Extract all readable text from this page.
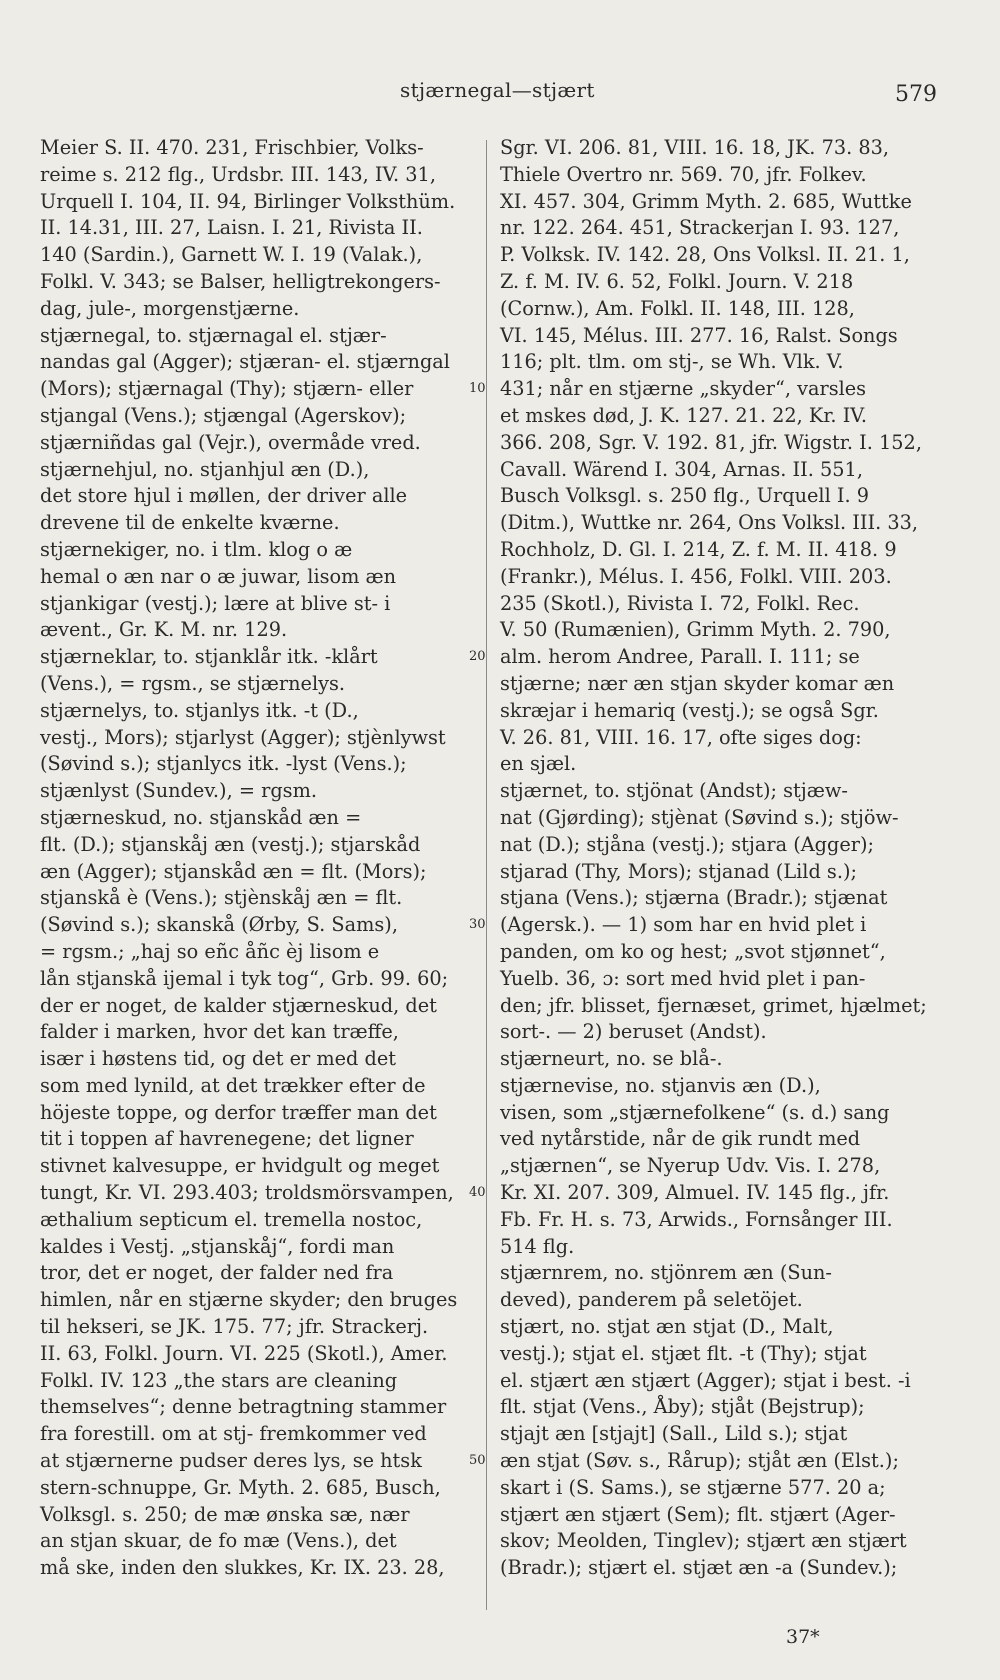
stjærnegal—stjært	579
Meier S. II. 470. 231, Frischbier, Volks-
reime s. 212 flg., Urdsbr. III. 143, IV. 31,
Urquell I. 104, II. 94, Birlinger Volksthüm.
II. 14.31, III. 27, Laisn. I. 21, Rivista II.
140 (Sardin.), Garnett W. I. 19 (Valak.),
Folkl. V. 343; se Balser, helligtrekongers-
dag, jule-, morgenstjærne.
stjærnegal, to. stjærnagal el. stjær-
nandas gal (Agger); stjæran- el. stjærngal
(Mors); stjærnagal (Thy); stjærn- eller
stjangal (Vens.); stjængal (Agerskov);
stjærniñdas gal (Vejr.), overmåde vred.
stjærnehjul, no. stjanhjul æn (D.),
det store hjul i møllen, der driver alle
drevene til de enkelte kværne.
stjærnekiger, no. i tlm. klog o æ
hemal o æn nar o æ juwar, lisom æn
stjankigar (vestj.); lære at blive st- i
ævent., Gr. K. M. nr. 129.
stjærneklar, to. stjanklår itk. -klårt
(Vens.), = rgsm., se stjærnelys.
stjærnelys, to. stjanlys itk. -t (D.,
vestj., Mors); stjarlyst (Agger); stjènlywst
(Søvind s.); stjanlycs itk. -lyst (Vens.);
stjænlyst (Sundev.), = rgsm.
stjærneskud, no. stjanskåd æn =
flt. (D.); stjanskåj æn (vestj.); stjarskåd
æn (Agger); stjanskåd æn = flt. (Mors);
stjanskå è (Vens.); stjènskåj æn = flt.
(Søvind s.); skanskå (Ørby, S. Sams),
= rgsm.; „haj so eñc åñc èj lisom e
lån stjanskå ijemal i tyk tog“, Grb. 99. 60;
der er noget, de kalder stjærneskud, det
falder i marken, hvor det kan træffe,
især i høstens tid, og det er med det
som med lynild, at det trækker efter de
höjeste toppe, og derfor træffer man det
tit i toppen af havrenegene; det ligner
stivnet kalvesuppe, er hvidgult og meget
tungt, Kr. VI. 293.403; troldsmörsvampen,
æthalium septicum el. tremella nostoc,
kaldes i Vestj. „stjanskåj“, fordi man
tror, det er noget, der falder ned fra
himlen, når en stjærne skyder; den bruges
til hekseri, se JK. 175. 77; jfr. Strackerj.
II. 63, Folkl. Journ. VI. 225 (Skotl.), Amer.
Folkl. IV. 123 „the stars are cleaning
themselves“; denne betragtning stammer
fra forestill. om at stj- fremkommer ved
at stjærnerne pudser deres lys, se htsk
stern-schnuppe, Gr. Myth. 2. 685, Busch,
Volksgl. s. 250; de mæ ønska sæ, nær
an stjan skuar, de fo mæ (Vens.), det
må ske, inden den slukkes, Kr. IX. 23. 28,
10
20
30
40
50
Sgr. VI. 206. 81, VIII. 16. 18, JK. 73. 83,
Thiele Overtro nr. 569. 70, jfr. Folkev.
XI. 457. 304, Grimm Myth. 2. 685, Wuttke
nr. 122. 264. 451, Strackerjan I. 93. 127,
P. Volksk. IV. 142. 28, Ons Volksl. II. 21. 1,
Z. f. M. IV. 6. 52, Folkl. Journ. V. 218
(Cornw.), Am. Folkl. II. 148, III. 128,
VI. 145, Mélus. III. 277. 16, Ralst. Songs
116; plt. tlm. om stj-, se Wh. Vlk. V.
431; når en stjærne „skyder“, varsles
et mskes død, J. K. 127. 21. 22, Kr. IV.
366. 208, Sgr. V. 192. 81, jfr. Wigstr. I. 152,
Cavall. Wärend I. 304, Arnas. II. 551,
Busch Volksgl. s. 250 flg., Urquell I. 9
(Ditm.), Wuttke nr. 264, Ons Volksl. III. 33,
Rochholz, D. Gl. I. 214, Z. f. M. II. 418. 9
(Frankr.), Mélus. I. 456, Folkl. VIII. 203.
235 (Skotl.), Rivista I. 72, Folkl. Rec.
V. 50 (Rumænien), Grimm Myth. 2. 790,
alm. herom Andree, Parall. I. 111; se
stjærne; nær æn stjan skyder komar æn
skræjar i hemariq (vestj.); se også Sgr.
V. 26. 81, VIII. 16. 17, ofte siges dog:
en sjæl.
stjærnet, to. stjönat (Andst); stjæw-
nat (Gjørding); stjènat (Søvind s.); stjöw-
nat (D.); stjåna (vestj.); stjara (Agger);
stjarad (Thy, Mors); stjanad (Lild s.);
stjana (Vens.); stjærna (Bradr.); stjænat
(Agersk.). — 1) som har en hvid plet i
panden, om ko og hest; „svot stjønnet“,
Yuelb. 36, ɔ: sort med hvid plet i pan-
den; jfr. blisset, fjernæset, grimet, hjælmet;
sort-. — 2) beruset (Andst).
stjærneurt, no. se blå-.
stjærnevise, no. stjanvis æn (D.),
visen, som „stjærnefolkene“ (s. d.) sang
ved nytårstide, når de gik rundt med
„stjærnen“, se Nyerup Udv. Vis. I. 278,
Kr. XI. 207. 309, Almuel. IV. 145 flg., jfr.
Fb. Fr. H. s. 73, Arwids., Fornsånger III.
514 flg.
stjærnrem, no. stjönrem æn (Sun-
deved), panderem på seletöjet.
stjært, no. stjat æn stjat (D., Malt,
vestj.); stjat el. stjæt flt. -t (Thy); stjat
el. stjært æn stjært (Agger); stjat i best. -i
flt. stjat (Vens., Åby); stjåt (Bejstrup);
stjajt æn [stjajt] (Sall., Lild s.); stjat
æn stjat (Søv. s., Rårup); stjåt æn (Elst.);
skart i (S. Sams.), se stjærne 577. 20 a;
stjært æn stjært (Sem); flt. stjært (Ager-
skov; Meolden, Tinglev); stjært æn stjært
(Bradr.); stjært el. stjæt æn -a (Sundev.);
37*
